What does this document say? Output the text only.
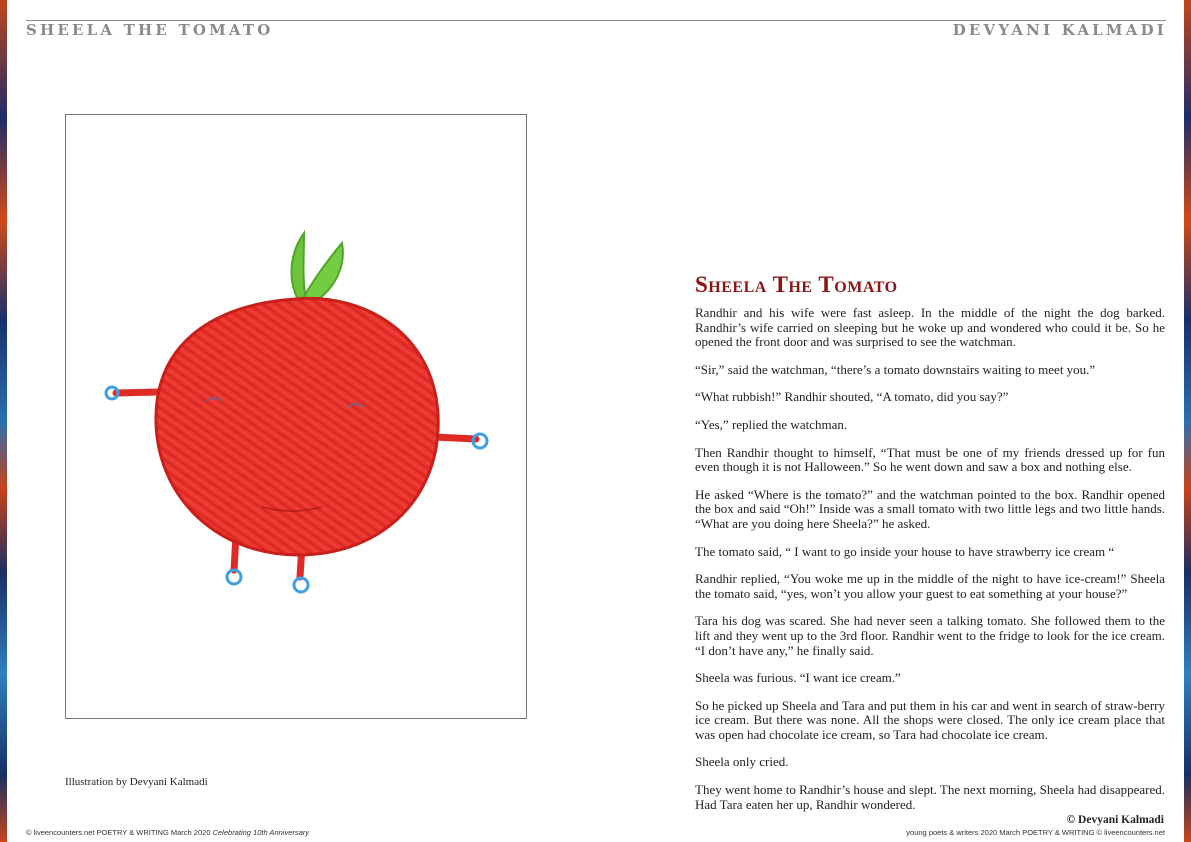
SHEELA THE TOMATO	DEVYANI KALMADI
Illustration by Devyani Kalmadi
Sheela The Tomato

Randhir and his wife were fast asleep. In the middle of the night the dog barked. Randhir’s wife carried on sleeping but he woke up and wondered who could it be. So he opened the front door and was surprised to see the watchman.

“Sir,” said the watchman, “there’s a tomato downstairs waiting to meet you.”

“What rubbish!” Randhir shouted, “A tomato, did you say?”

“Yes,” replied the watchman.

Then Randhir thought to himself, “That must be one of my friends dressed up for fun even though it is not Halloween.” So he went down and saw a box and nothing else.

He asked “Where is the tomato?” and the watchman pointed to the box. Randhir opened the box and said “Oh!” Inside was a small tomato with two little legs and two little hands. “What are you doing here Sheela?” he asked.

The tomato said, “ I want to go inside your house to have strawberry ice cream “

Randhir replied, “You woke me up in the middle of the night to have ice-cream!” Sheela the tomato said, “yes, won’t you allow your guest to eat something at your house?”

Tara his dog was scared. She had never seen a talking tomato. She followed them to the lift and they went up to the 3rd floor. Randhir went to the fridge to look for the ice cream. “I don’t have any,” he finally said.

Sheela was furious. “I want ice cream.”

So he picked up Sheela and Tara and put them in his car and went in search of straw-berry ice cream. But there was none. All the shops were closed. The only ice cream place that was open had chocolate ice cream, so Tara had chocolate ice cream.

Sheela only cried.

They went home to Randhir’s house and slept. The next morning, Sheela had disappeared. Had Tara eaten her up, Randhir wondered.

© Devyani Kalmadi
© liveencounters.net POETRY & WRITING March 2020 Celebrating 10th Anniversary	young poets & writers 2020 March POETRY & WRITING © liveencounters.net
